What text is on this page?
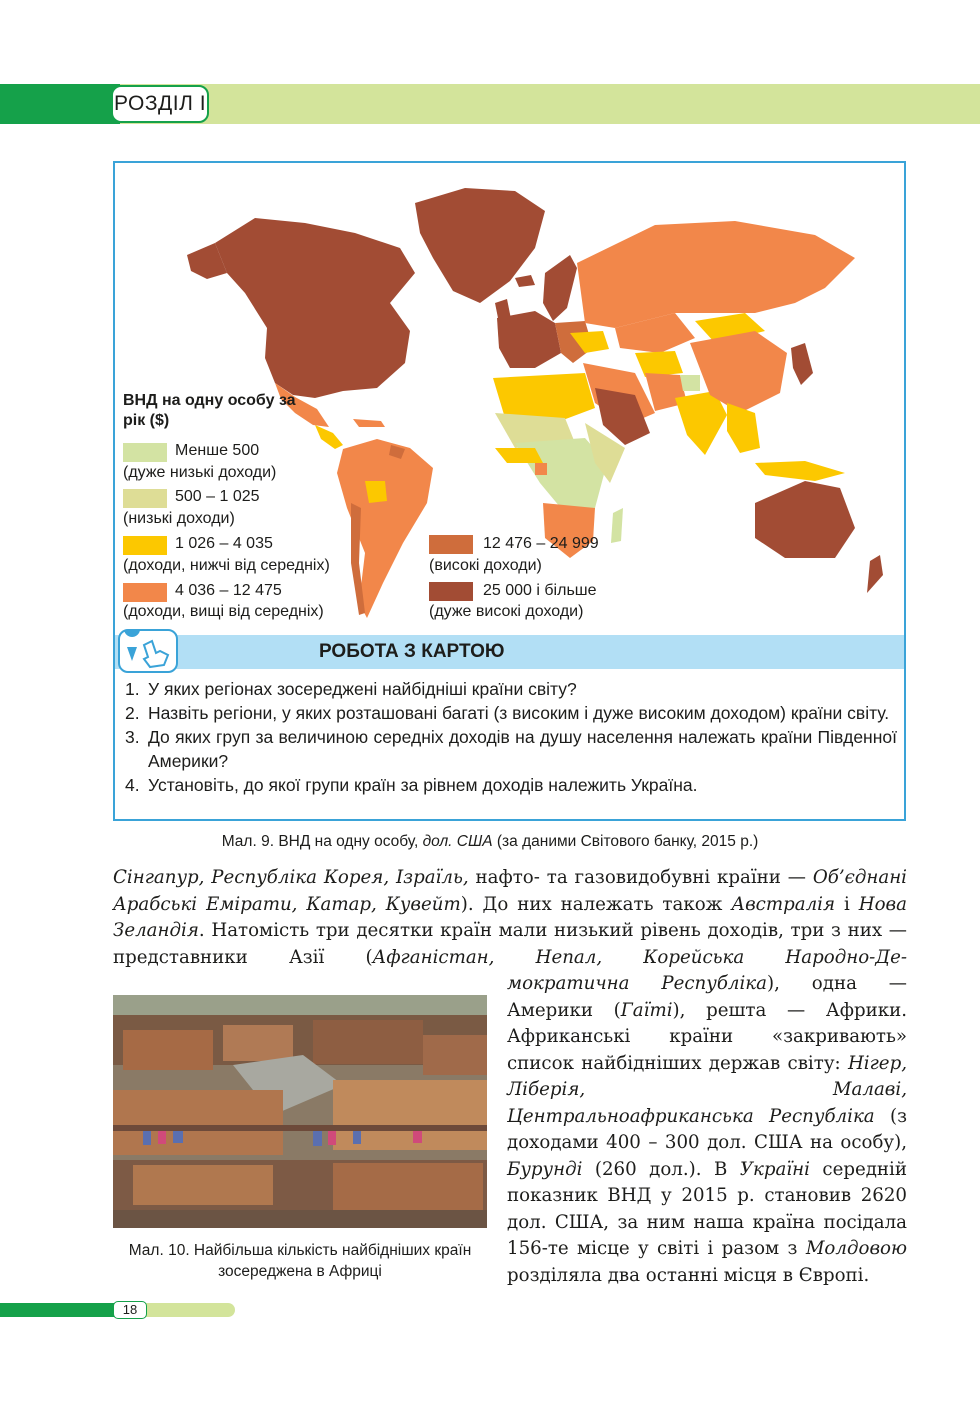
РОЗДІЛ І
ВНД на одну особу за рік ($)
Менше 500
(дуже низькі доходи)
500 – 1 025
(низькі доходи)
1 026 – 4 035
(доходи, нижчі від середніх)
4 036 – 12 475
(доходи, вищі від середніх)
12 476 – 24 999
(високі доходи)
25 000 і більше
(дуже високі доходи)
РОБОТА З КАРТОЮ
1. У яких регіонах зосереджені найбідніші країни світу?
2. Назвіть регіони, у яких розташовані багаті (з високим і дуже високим доходом) країни світу.
3. До яких груп за величиною середніх доходів на душу населення належать країни Південної Америки?
4. Установіть, до якої групи країн за рівнем доходів належить Україна.
Мал. 9. ВНД на одну особу, дол. США (за даними Світового банку, 2015 р.)
Сінгапур, Республіка Корея, Ізраїль, нафто- та газовидобувні країни — Об’єднані Арабські Емірати, Катар, Кувейт). До них належать також Австралія і Нова Зеландія. Натомість три десятки країн мали низький рівень доходів, три з них — представники Азії (Афганістан, Непал, Корейська Народно-Де-
Мал. 10. Найбільша кількість найбідніших країн зосереджена в Африці
мократична Республіка), одна — Америки (Гаїті), решта — Африки. Африканські країни «закривають» список найбідніших держав світу: Нігер, Ліберія, Малаві, Центральноафриканська Республіка (з доходами 400 – 300 дол. США на особу), Бурунді (260 дол.). В Україні середній показник ВНД у 2015 р. становив 2620 дол. США, за ним наша країна посідала 156-те місце у світі і разом з Молдовою розділяла два останні місця в Європі.
18
